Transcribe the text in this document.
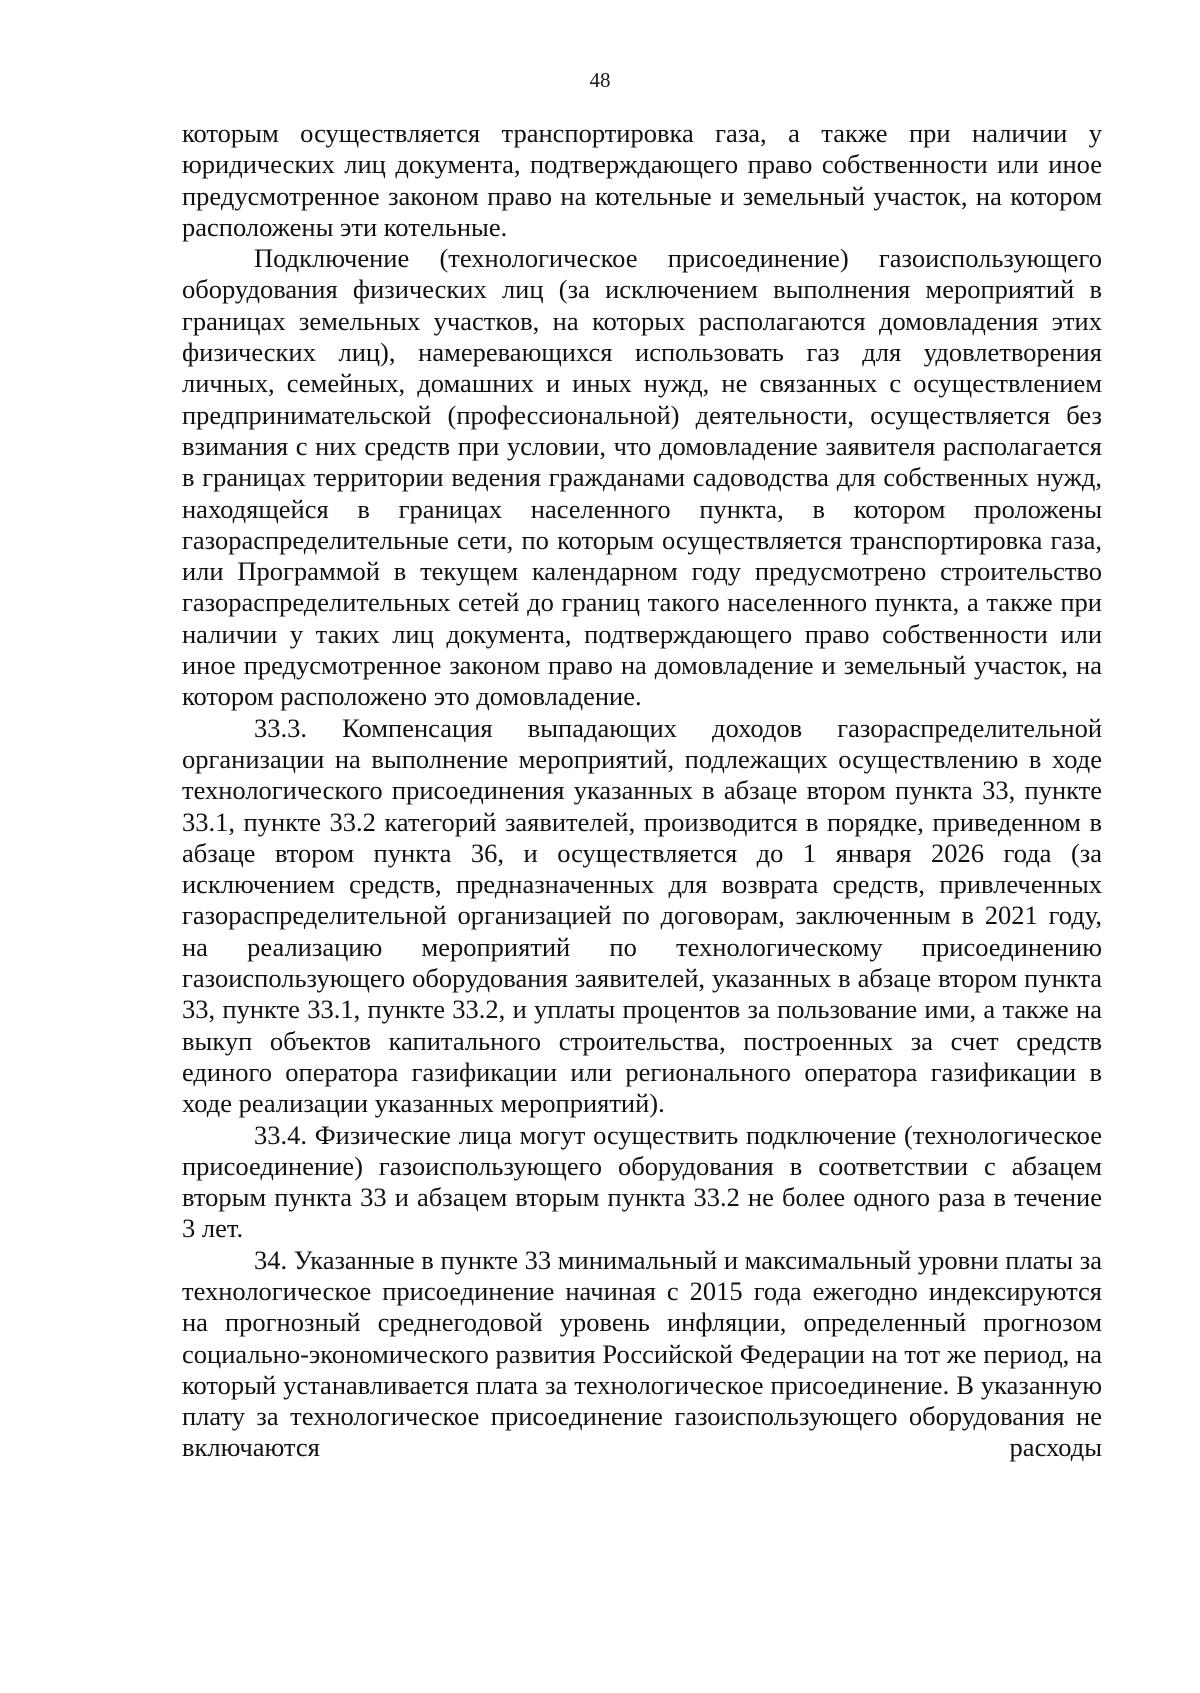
48

которым осуществляется транспортировка газа, а также при наличии у юридических лиц документа, подтверждающего право собственности или иное предусмотренное законом право на котельные и земельный участок, на котором расположены эти котельные.

Подключение (технологическое присоединение) газоиспользующего оборудования физических лиц (за исключением выполнения мероприятий в границах земельных участков, на которых располагаются домовладения этих физических лиц), намеревающихся использовать газ для удовлетворения личных, семейных, домашних и иных нужд, не связанных с осуществлением предпринимательской (профессиональной) деятельности, осуществляется без взимания с них средств при условии, что домовладение заявителя располагается в границах территории ведения гражданами садоводства для собственных нужд, находящейся в границах населенного пункта, в котором проложены газораспределительные сети, по которым осуществляется транспортировка газа, или Программой в текущем календарном году предусмотрено строительство газораспределительных сетей до границ такого населенного пункта, а также при наличии у таких лиц документа, подтверждающего право собственности или иное предусмотренное законом право на домовладение и земельный участок, на котором расположено это домовладение.

33.3. Компенсация выпадающих доходов газораспределительной организации на выполнение мероприятий, подлежащих осуществлению в ходе технологического присоединения указанных в абзаце втором пункта 33, пункте 33.1, пункте 33.2 категорий заявителей, производится в порядке, приведенном в абзаце втором пункта 36, и осуществляется до 1 января 2026 года (за исключением средств, предназначенных для возврата средств, привлеченных газораспределительной организацией по договорам, заключенным в 2021 году, на реализацию мероприятий по технологическому присоединению газоиспользующего оборудования заявителей, указанных в абзаце втором пункта 33, пункте 33.1, пункте 33.2, и уплаты процентов за пользование ими, а также на выкуп объектов капитального строительства, построенных за счет средств единого оператора газификации или регионального оператора газификации в ходе реализации указанных мероприятий).

33.4. Физические лица могут осуществить подключение (технологическое присоединение) газоиспользующего оборудования в соответствии с абзацем вторым пункта 33 и абзацем вторым пункта 33.2 не более одного раза в течение 3 лет.

34. Указанные в пункте 33 минимальный и максимальный уровни платы за технологическое присоединение начиная с 2015 года ежегодно индексируются на прогнозный среднегодовой уровень инфляции, определенный прогнозом социально-экономического развития Российской Федерации на тот же период, на который устанавливается плата за технологическое присоединение. В указанную плату за технологическое присоединение газоиспользующего оборудования не включаются расходы
